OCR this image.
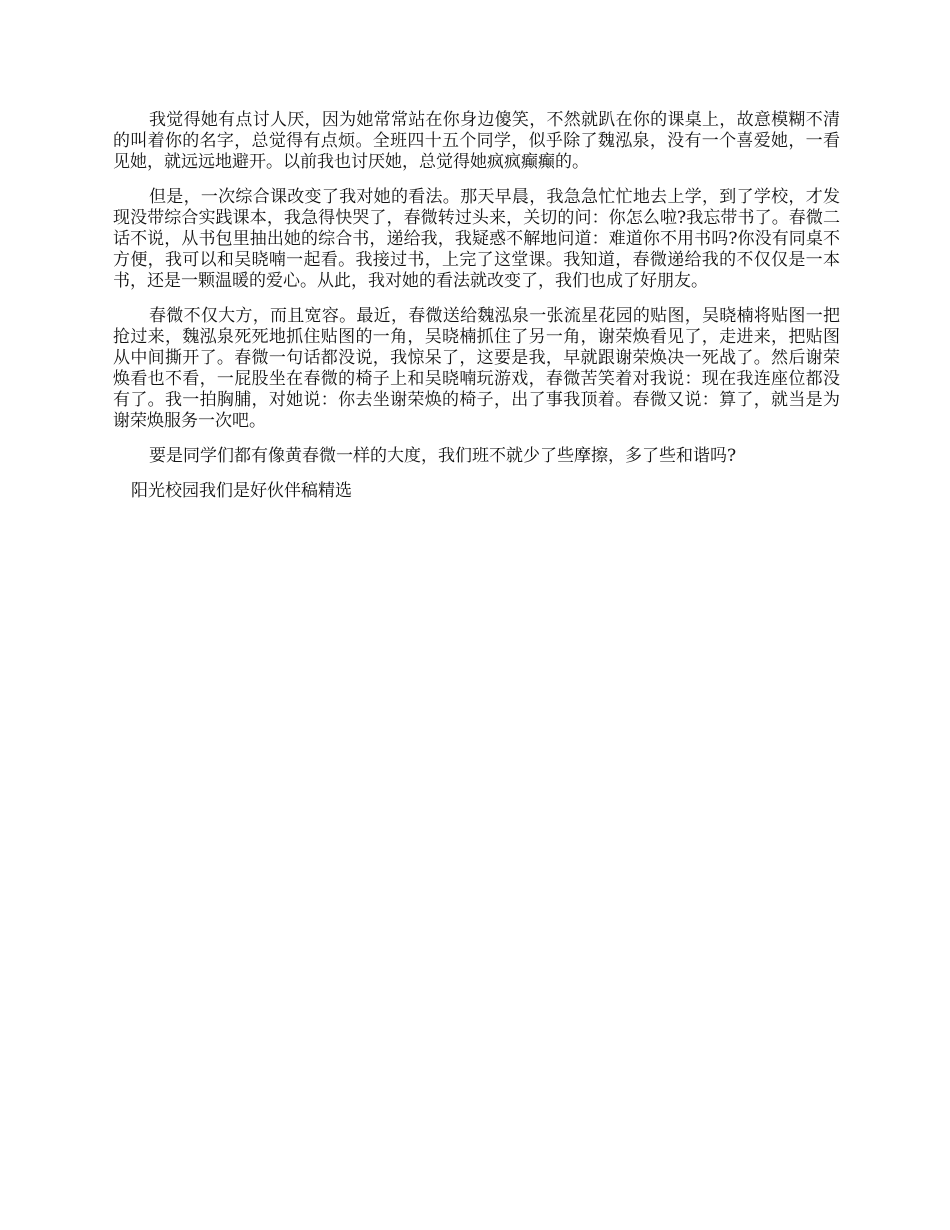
我觉得她有点讨人厌，因为她常常站在你身边傻笑，不然就趴在你的课桌上，故意模糊不清的叫着你的名字，总觉得有点烦。全班四十五个同学，似乎除了魏泓泉，没有一个喜爱她，一看见她，就远远地避开。以前我也讨厌她，总觉得她疯疯癫癫的。

但是，一次综合课改变了我对她的看法。那天早晨，我急急忙忙地去上学，到了学校，才发现没带综合实践课本，我急得快哭了，春微转过头来，关切的问：你怎么啦?我忘带书了。春微二话不说，从书包里抽出她的综合书，递给我，我疑惑不解地问道：难道你不用书吗?你没有同桌不方便，我可以和吴晓喃一起看。我接过书，上完了这堂课。我知道，春微递给我的不仅仅是一本书，还是一颗温暖的爱心。从此，我对她的看法就改变了，我们也成了好朋友。

春微不仅大方，而且宽容。最近，春微送给魏泓泉一张流星花园的贴图，吴晓楠将贴图一把抢过来，魏泓泉死死地抓住贴图的一角，吴晓楠抓住了另一角，谢荣焕看见了，走进来，把贴图从中间撕开了。春微一句话都没说，我惊呆了，这要是我，早就跟谢荣焕决一死战了。然后谢荣焕看也不看，一屁股坐在春微的椅子上和吴晓喃玩游戏，春微苦笑着对我说：现在我连座位都没有了。我一拍胸脯，对她说：你去坐谢荣焕的椅子，出了事我顶着。春微又说：算了，就当是为谢荣焕服务一次吧。

要是同学们都有像黄春微一样的大度，我们班不就少了些摩擦，多了些和谐吗?

阳光校园我们是好伙伴稿精选
